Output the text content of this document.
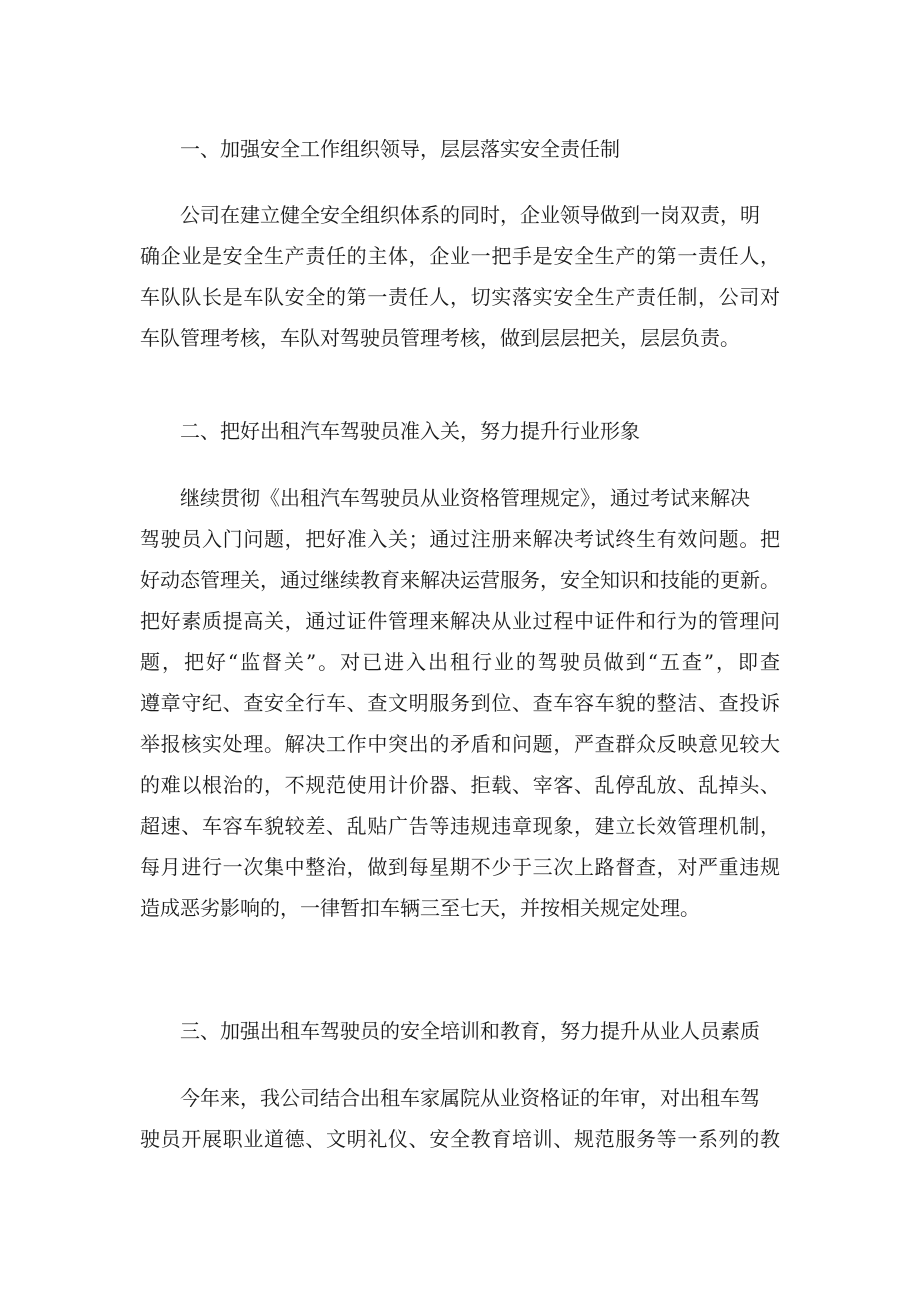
一、加强安全工作组织领导，层层落实安全责任制
公司在建立健全安全组织体系的同时，企业领导做到一岗双责，明
确企业是安全生产责任的主体，企业一把手是安全生产的第一责任人，
车队队长是车队安全的第一责任人，切实落实安全生产责任制，公司对
车队管理考核，车队对驾驶员管理考核，做到层层把关，层层负责。
二、把好出租汽车驾驶员准入关，努力提升行业形象
继续贯彻《出租汽车驾驶员从业资格管理规定》，通过考试来解决
驾驶员入门问题，把好准入关；通过注册来解决考试终生有效问题。把
好动态管理关，通过继续教育来解决运营服务，安全知识和技能的更新。
把好素质提高关，通过证件管理来解决从业过程中证件和行为的管理问
题，把好“监督关”。对已进入出租行业的驾驶员做到“五查”，即查
遵章守纪、查安全行车、查文明服务到位、查车容车貌的整洁、查投诉
举报核实处理。解决工作中突出的矛盾和问题，严查群众反映意见较大
的难以根治的，不规范使用计价器、拒载、宰客、乱停乱放、乱掉头、
超速、车容车貌较差、乱贴广告等违规违章现象，建立长效管理机制，
每月进行一次集中整治，做到每星期不少于三次上路督查，对严重违规
造成恶劣影响的，一律暂扣车辆三至七天，并按相关规定处理。
三、加强出租车驾驶员的安全培训和教育，努力提升从业人员素质
今年来，我公司结合出租车家属院从业资格证的年审，对出租车驾
驶员开展职业道德、文明礼仪、安全教育培训、规范服务等一系列的教
